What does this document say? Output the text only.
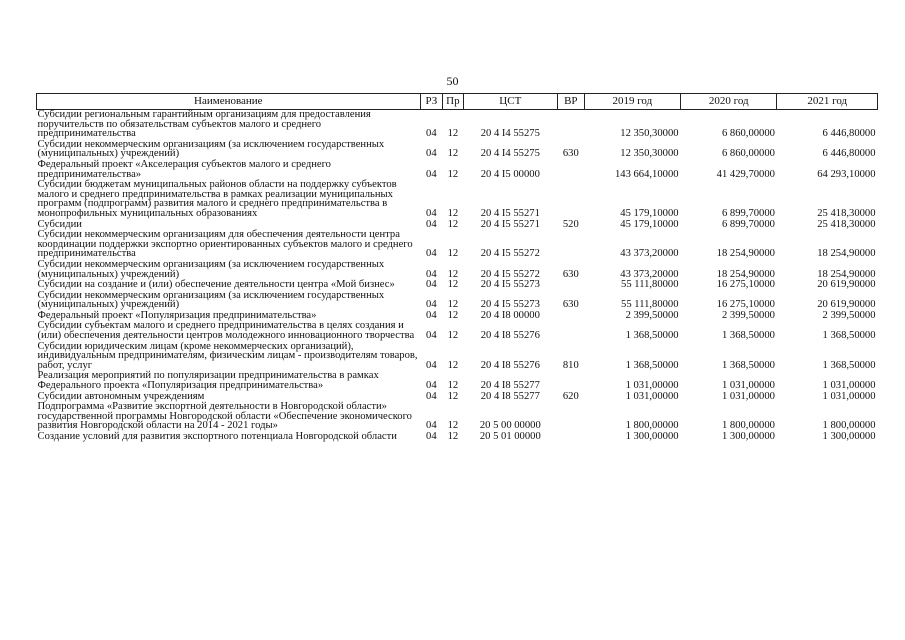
50
Наименование	РЗ	Пр	ЦСТ	ВР	2019 год	2020 год	2021 год
Субсидии региональным гарантийным организациям для предоставления поручительств по обязательствам субъектов малого и среднего предпринимательства	04	12	20 4 I4 55275		12 350,30000	6 860,00000	6 446,80000
Субсидии некоммерческим организациям (за исключением государственных (муниципальных) учреждений)	04	12	20 4 I4 55275	630	12 350,30000	6 860,00000	6 446,80000
Федеральный проект «Акселерация субъектов малого и среднего предпринимательства»	04	12	20 4 I5 00000		143 664,10000	41 429,70000	64 293,10000
Субсидии бюджетам муниципальных районов области на поддержку субъектов малого и среднего предпринимательства в рамках реализации муниципальных программ (подпрограмм) развития малого и среднего предпринимательства в монопрофильных муниципальных образованиях	04	12	20 4 I5 55271		45 179,10000	6 899,70000	25 418,30000
Субсидии	04	12	20 4 I5 55271	520	45 179,10000	6 899,70000	25 418,30000
Субсидии некоммерческим организациям для обеспечения деятельности центра координации поддержки экспортно ориентированных субъектов малого и среднего предпринимательства	04	12	20 4 I5 55272		43 373,20000	18 254,90000	18 254,90000
Субсидии некоммерческим организациям (за исключением государственных (муниципальных) учреждений)	04	12	20 4 I5 55272	630	43 373,20000	18 254,90000	18 254,90000
Субсидии на создание и (или) обеспечение деятельности центра «Мой бизнес»	04	12	20 4 I5 55273		55 111,80000	16 275,10000	20 619,90000
Субсидии некоммерческим организациям (за исключением государственных (муниципальных) учреждений)	04	12	20 4 I5 55273	630	55 111,80000	16 275,10000	20 619,90000
Федеральный проект «Популяризация предпринимательства»	04	12	20 4 I8 00000		2 399,50000	2 399,50000	2 399,50000
Субсидии субъектам малого и среднего предпринимательства в целях создания и (или) обеспечения деятельности центров молодежного инновационного творчества	04	12	20 4 I8 55276		1 368,50000	1 368,50000	1 368,50000
Субсидии юридическим лицам (кроме некоммерческих организаций), индивидуальным предпринимателям, физическим лицам - производителям товаров, работ, услуг	04	12	20 4 I8 55276	810	1 368,50000	1 368,50000	1 368,50000
Реализация мероприятий по популяризации предпринимательства в рамках Федерального проекта «Популяризация предпринимательства»	04	12	20 4 I8 55277		1 031,00000	1 031,00000	1 031,00000
Субсидии автономным учреждениям	04	12	20 4 I8 55277	620	1 031,00000	1 031,00000	1 031,00000
Подпрограмма «Развитие экспортной деятельности в Новгородской области» государственной программы Новгородской области «Обеспечение экономического развития Новгородской области на 2014 - 2021 годы»	04	12	20 5 00 00000		1 800,00000	1 800,00000	1 800,00000
Создание условий для развития экспортного потенциала Новгородской области	04	12	20 5 01 00000		1 300,00000	1 300,00000	1 300,00000
